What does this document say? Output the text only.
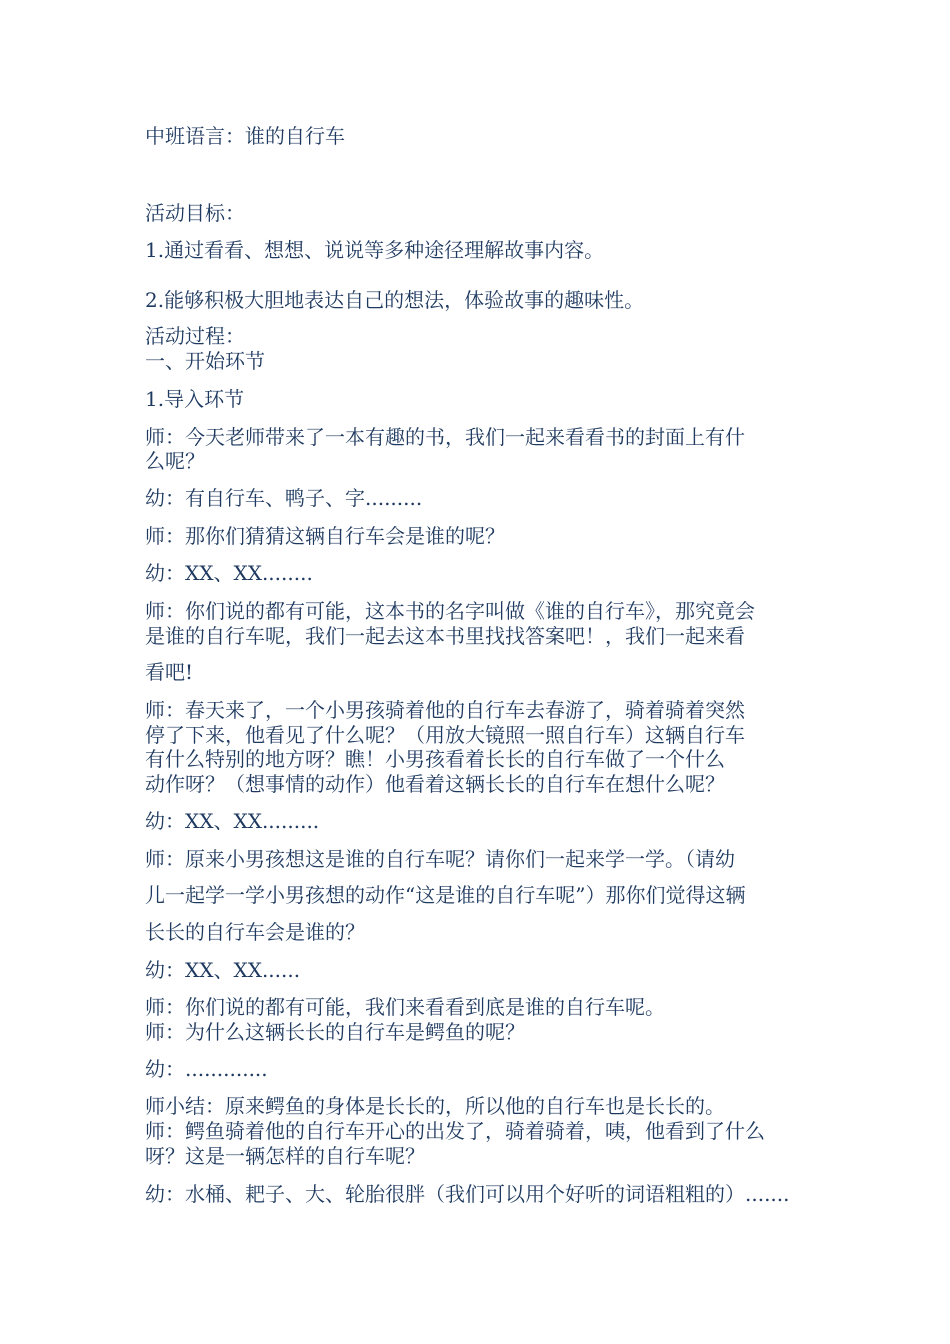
中班语言：谁的自行车
活动目标：
1.通过看看、想想、说说等多种途径理解故事内容。
2.能够积极大胆地表达自己的想法，体验故事的趣味性。
活动过程：
一、开始环节
1.导入环节
师：今天老师带来了一本有趣的书，我们一起来看看书的封面上有什
么呢？
幼：有自行车、鸭子、字.........
师：那你们猜猜这辆自行车会是谁的呢？
幼：XX、XX........
师：你们说的都有可能，这本书的名字叫做《谁的自行车》，那究竟会
是谁的自行车呢，我们一起去这本书里找找答案吧！，我们一起来看
看吧!
师：春天来了，一个小男孩骑着他的自行车去春游了，骑着骑着突然
停了下来，他看见了什么呢？（用放大镜照一照自行车）这辆自行车
有什么特别的地方呀？瞧！小男孩看着长长的自行车做了一个什么
动作呀？（想事情的动作）他看着这辆长长的自行车在想什么呢？
幼：XX、XX.........
师：原来小男孩想这是谁的自行车呢？请你们一起来学一学。（请幼
儿一起学一学小男孩想的动作“这是谁的自行车呢”）那你们觉得这辆
长长的自行车会是谁的？
幼：XX、XX......
师：你们说的都有可能，我们来看看到底是谁的自行车呢。
师：为什么这辆长长的自行车是鳄鱼的呢？
幼：.............
师小结：原来鳄鱼的身体是长长的，所以他的自行车也是长长的。
师：鳄鱼骑着他的自行车开心的出发了，骑着骑着，咦，他看到了什么
呀？这是一辆怎样的自行车呢？
幼：水桶、耙子、大、轮胎很胖（我们可以用个好听的词语粗粗的）.......
